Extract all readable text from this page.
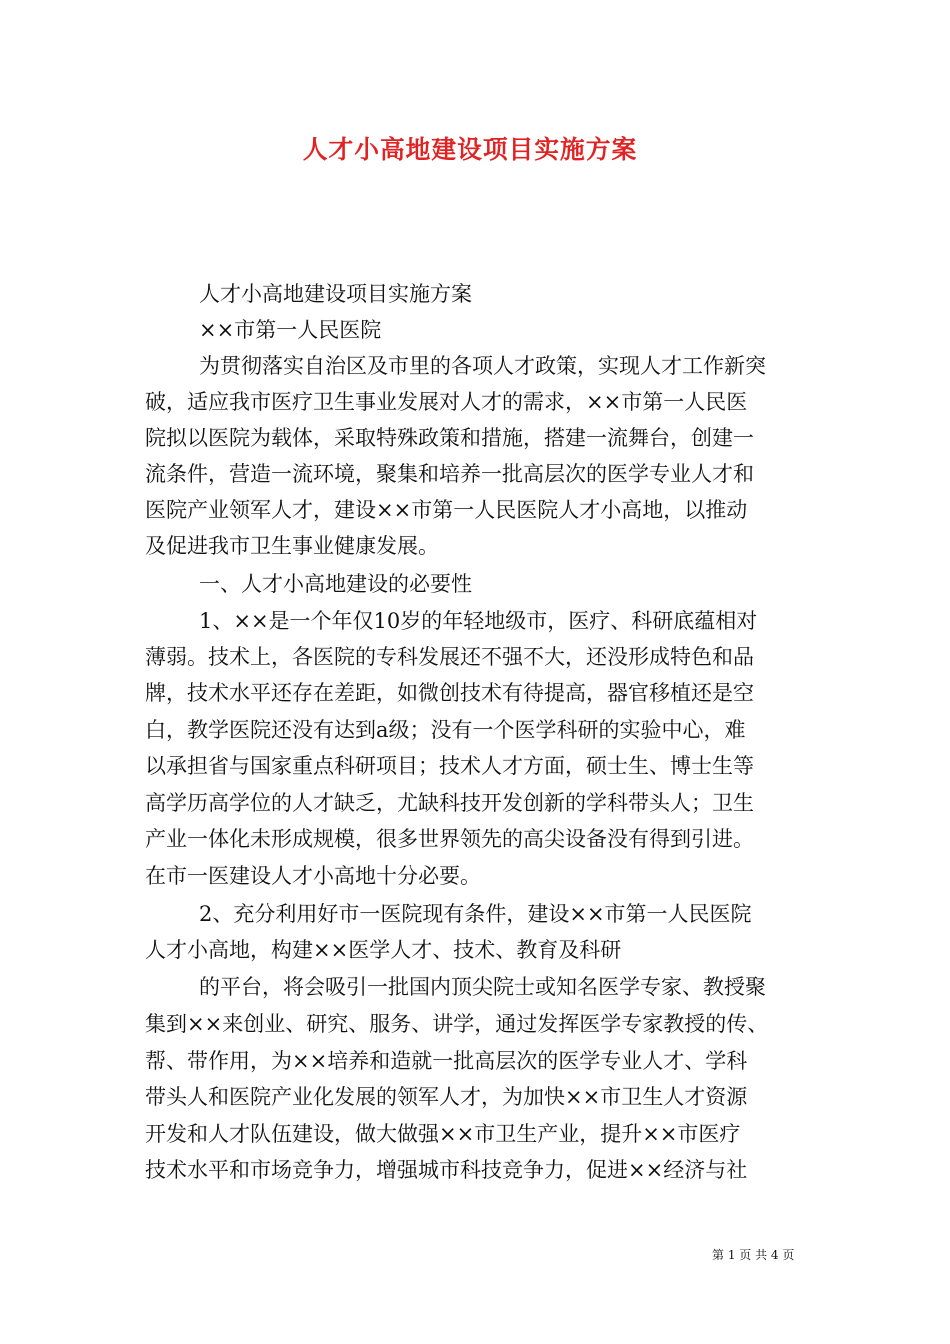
人才小高地建设项目实施方案
人才小高地建设项目实施方案
××市第一人民医院
为贯彻落实自治区及市里的各项人才政策，实现人才工作新突
破，适应我市医疗卫生事业发展对人才的需求，××市第一人民医
院拟以医院为载体，采取特殊政策和措施，搭建一流舞台，创建一
流条件，营造一流环境，聚集和培养一批高层次的医学专业人才和
医院产业领军人才，建设××市第一人民医院人才小高地，以推动
及促进我市卫生事业健康发展。
一、人才小高地建设的必要性
1、××是一个年仅10岁的年轻地级市，医疗、科研底蕴相对
薄弱。技术上，各医院的专科发展还不强不大，还没形成特色和品
牌，技术水平还存在差距，如微创技术有待提高，器官移植还是空
白，教学医院还没有达到a级；没有一个医学科研的实验中心，难
以承担省与国家重点科研项目；技术人才方面，硕士生、博士生等
高学历高学位的人才缺乏，尤缺科技开发创新的学科带头人；卫生
产业一体化未形成规模，很多世界领先的高尖设备没有得到引进。
在市一医建设人才小高地十分必要。
2、充分利用好市一医院现有条件，建设××市第一人民医院
人才小高地，构建××医学人才、技术、教育及科研
的平台，将会吸引一批国内顶尖院士或知名医学专家、教授聚
集到××来创业、研究、服务、讲学，通过发挥医学专家教授的传、
帮、带作用，为××培养和造就一批高层次的医学专业人才、学科
带头人和医院产业化发展的领军人才，为加快××市卫生人才资源
开发和人才队伍建设，做大做强××市卫生产业，提升××市医疗
技术水平和市场竞争力，增强城市科技竞争力，促进××经济与社
第 1 页 共 4 页
